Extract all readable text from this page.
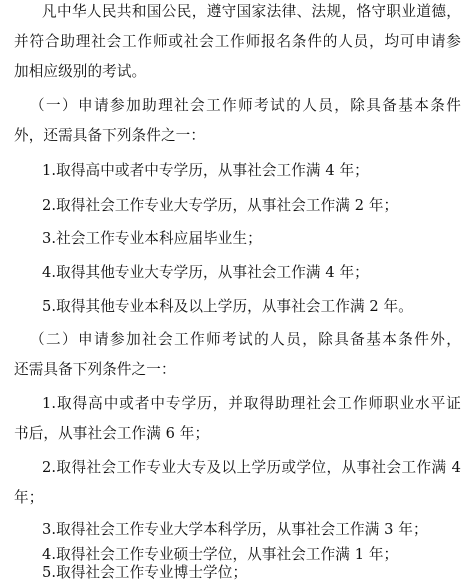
凡中华人民共和国公民，遵守国家法律、法规，恪守职业道德，
并符合助理社会工作师或社会工作师报名条件的人员，均可申请参
加相应级别的考试。
（一）申请参加助理社会工作师考试的人员，除具备基本条件
外，还需具备下列条件之一：
1.取得高中或者中专学历，从事社会工作满 4 年；
2.取得社会工作专业大专学历，从事社会工作满 2 年；
3.社会工作专业本科应届毕业生；
4.取得其他专业大专学历，从事社会工作满 4 年；
5.取得其他专业本科及以上学历，从事社会工作满 2 年。
（二）申请参加社会工作师考试的人员，除具备基本条件外，
还需具备下列条件之一：
1.取得高中或者中专学历，并取得助理社会工作师职业水平证
书后，从事社会工作满 6 年；
2.取得社会工作专业大专及以上学历或学位，从事社会工作满 4
年；
3.取得社会工作专业大学本科学历，从事社会工作满 3 年；
4.取得社会工作专业硕士学位，从事社会工作满 1 年；
5.取得社会工作专业博士学位；
